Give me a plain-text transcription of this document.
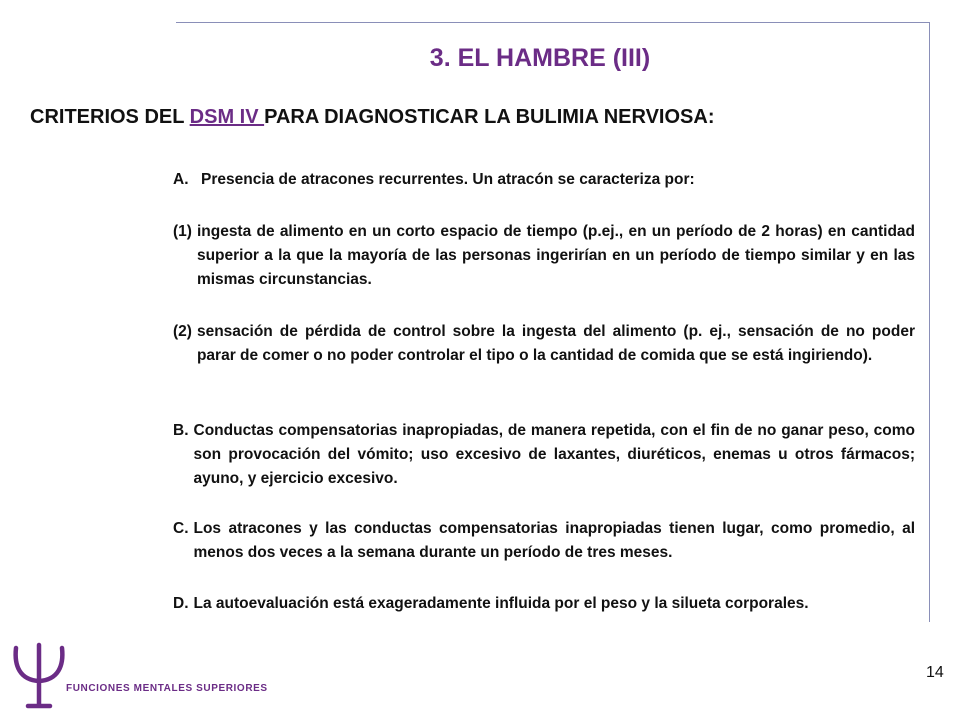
3. EL HAMBRE (III)

CRITERIOS DEL DSM IV PARA DIAGNOSTICAR LA BULIMIA NERVIOSA:

A. Presencia de atracones recurrentes. Un atracón se caracteriza por:
(1) ingesta de alimento en un corto espacio de tiempo (p.ej., en un período de 2 horas) en cantidad superior a la que la mayoría de las personas ingerirían en un período de tiempo similar y en las mismas circunstancias.
(2) sensación de pérdida de control sobre la ingesta del alimento (p. ej., sensación de no poder parar de comer o no poder controlar el tipo o la cantidad de comida que se está ingiriendo).
B. Conductas compensatorias inapropiadas, de manera repetida, con el fin de no ganar peso, como son provocación del vómito; uso excesivo de laxantes, diuréticos, enemas u otros fármacos; ayuno, y ejercicio excesivo.
C. Los atracones y las conductas compensatorias inapropiadas tienen lugar, como promedio, al menos dos veces a la semana durante un período de tres meses.
D. La autoevaluación está exageradamente influida por el peso y la silueta corporales.
FUNCIONES MENTALES SUPERIORES
14
